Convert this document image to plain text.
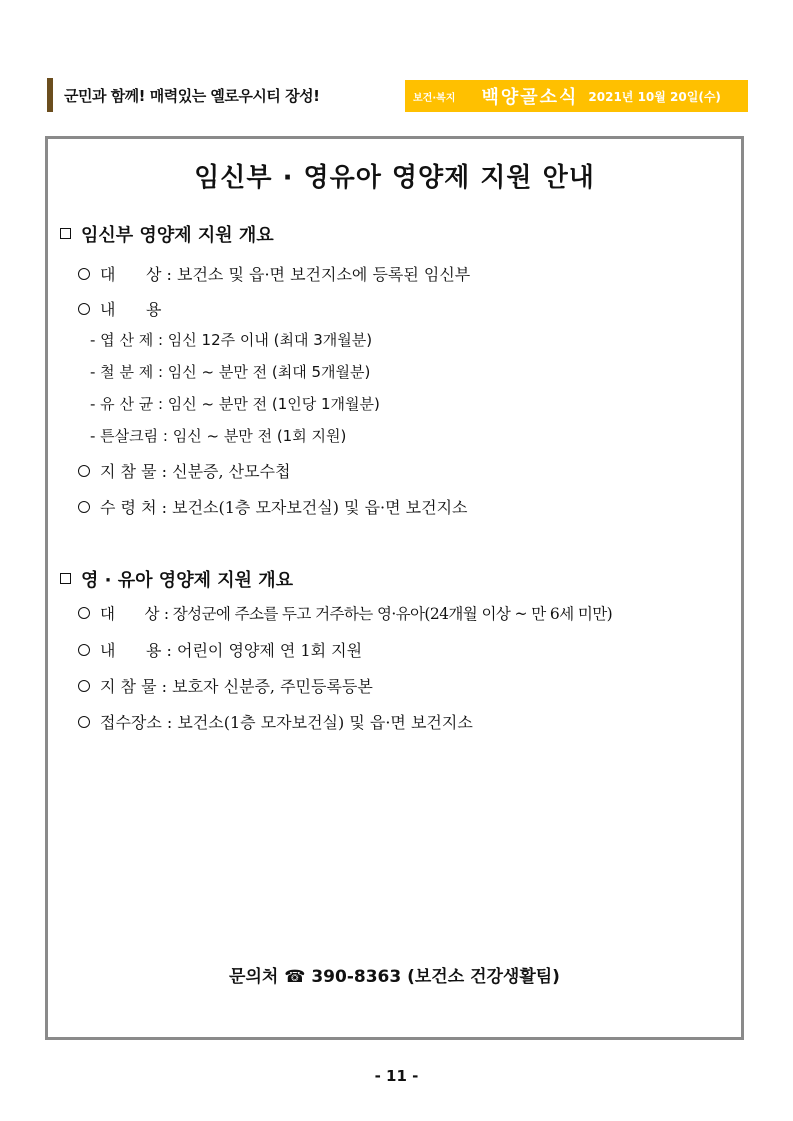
군민과 함께! 매력있는 옐로우시티 장성!	보건·복지 백양골소식 2021년 10월 20일(수)
임신부 · 영유아 영양제 지원 안내
임신부 영양제 지원 개요
대      상 : 보건소 및 읍·면 보건지소에 등록된 임신부
내      용
- 엽 산 제 : 임신 12주 이내 (최대 3개월분)
- 철 분 제 : 임신 ~ 분만 전 (최대 5개월분)
- 유 산 균 : 임신 ~ 분만 전 (1인당 1개월분)
- 튼살크림 : 임신 ~ 분만 전 (1회 지원)
지 참 물 : 신분증, 산모수첩
수 령 처 : 보건소(1층 모자보건실) 및 읍·면 보건지소
영 · 유아 영양제 지원 개요
대      상 : 장성군에 주소를 두고 거주하는 영·유아(24개월 이상 ~ 만 6세 미만)
내      용 : 어린이 영양제 연 1회 지원
지 참 물 : 보호자 신분증, 주민등록등본
접수장소 : 보건소(1층 모자보건실) 및 읍·면 보건지소
문의처 ☎ 390-8363 (보건소 건강생활팀)
- 11 -
